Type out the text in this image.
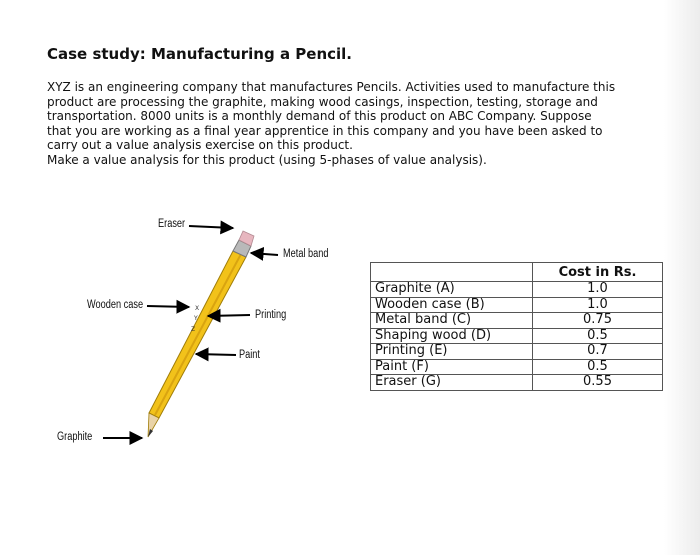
Case study: Manufacturing a Pencil.
XYZ is an engineering company that manufactures Pencils. Activities used to manufacture this
product are processing the graphite, making wood casings, inspection, testing, storage and
transportation. 8000 units is a monthly demand of this product on ABC Company. Suppose
that you are working as a final year apprentice in this company and you have been asked to
carry out a value analysis exercise on this product.
Make a value analysis for this product (using 5-phases of value analysis).
X
Y
Z
Eraser
Metal band
Wooden case
Printing
Paint
Graphite
	Cost in Rs.
Graphite (A)	1.0
Wooden case (B)	1.0
Metal band (C)	0.75
Shaping wood (D)	0.5
Printing (E)	0.7
Paint (F)	0.5
Eraser (G)	0.55
